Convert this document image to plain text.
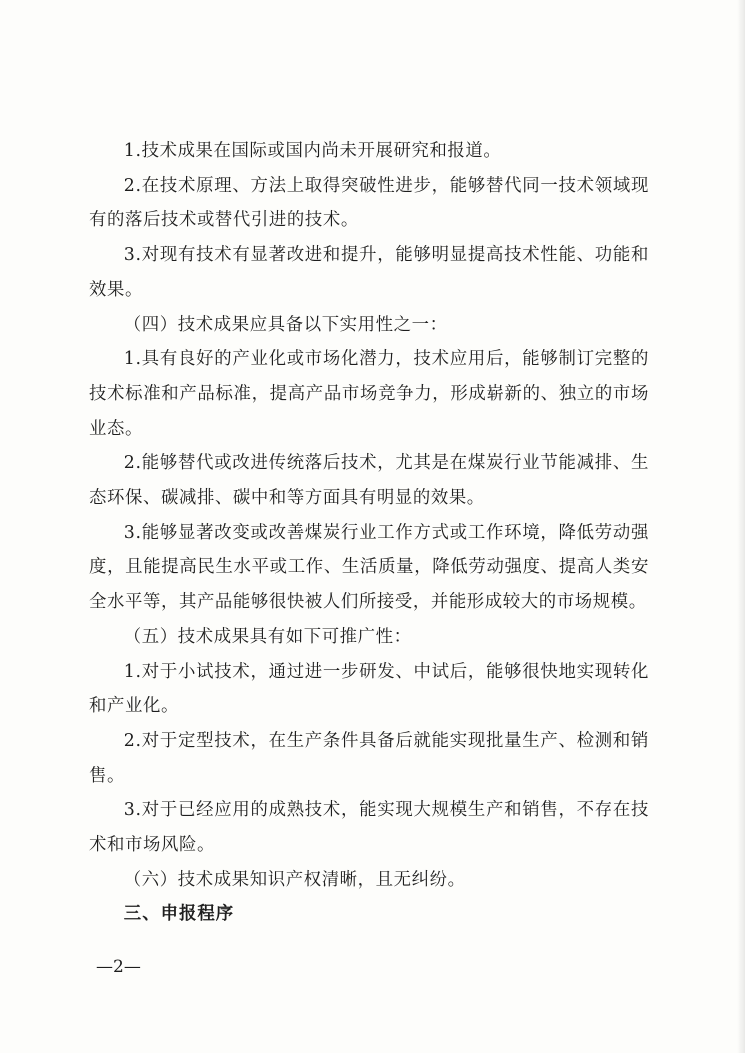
1.技术成果在国际或国内尚未开展研究和报道。

2.在技术原理、方法上取得突破性进步，能够替代同一技术领域现有的落后技术或替代引进的技术。

3.对现有技术有显著改进和提升，能够明显提高技术性能、功能和效果。

（四）技术成果应具备以下实用性之一：

1.具有良好的产业化或市场化潜力，技术应用后，能够制订完整的技术标准和产品标准，提高产品市场竞争力，形成崭新的、独立的市场业态。

2.能够替代或改进传统落后技术，尤其是在煤炭行业节能减排、生态环保、碳减排、碳中和等方面具有明显的效果。

3.能够显著改变或改善煤炭行业工作方式或工作环境，降低劳动强度，且能提高民生水平或工作、生活质量，降低劳动强度、提高人类安全水平等，其产品能够很快被人们所接受，并能形成较大的市场规模。

（五）技术成果具有如下可推广性：

1.对于小试技术，通过进一步研发、中试后，能够很快地实现转化和产业化。

2.对于定型技术，在生产条件具备后就能实现批量生产、检测和销售。

3.对于已经应用的成熟技术，能实现大规模生产和销售，不存在技术和市场风险。

（六）技术成果知识产权清晰，且无纠纷。

三、申报程序

—2—
